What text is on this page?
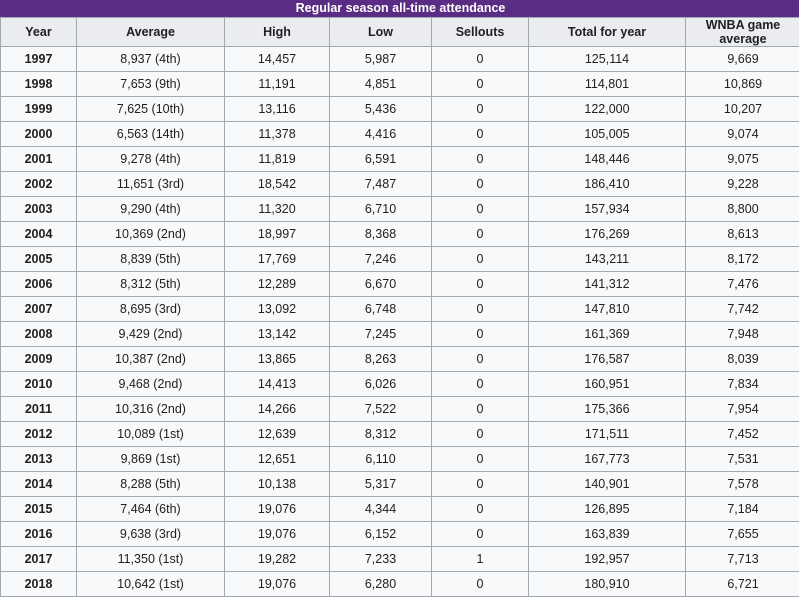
Regular season all-time attendance
Year	Average	High	Low	Sellouts	Total for year	WNBA game average
1997	8,937 (4th)	14,457	5,987	0	125,114	9,669
1998	7,653 (9th)	11,191	4,851	0	114,801	10,869
1999	7,625 (10th)	13,116	5,436	0	122,000	10,207
2000	6,563 (14th)	11,378	4,416	0	105,005	9,074
2001	9,278 (4th)	11,819	6,591	0	148,446	9,075
2002	11,651 (3rd)	18,542	7,487	0	186,410	9,228
2003	9,290 (4th)	11,320	6,710	0	157,934	8,800
2004	10,369 (2nd)	18,997	8,368	0	176,269	8,613
2005	8,839 (5th)	17,769	7,246	0	143,211	8,172
2006	8,312 (5th)	12,289	6,670	0	141,312	7,476
2007	8,695 (3rd)	13,092	6,748	0	147,810	7,742
2008	9,429 (2nd)	13,142	7,245	0	161,369	7,948
2009	10,387 (2nd)	13,865	8,263	0	176,587	8,039
2010	9,468 (2nd)	14,413	6,026	0	160,951	7,834
2011	10,316 (2nd)	14,266	7,522	0	175,366	7,954
2012	10,089 (1st)	12,639	8,312	0	171,511	7,452
2013	9,869 (1st)	12,651	6,110	0	167,773	7,531
2014	8,288 (5th)	10,138	5,317	0	140,901	7,578
2015	7,464 (6th)	19,076	4,344	0	126,895	7,184
2016	9,638 (3rd)	19,076	6,152	0	163,839	7,655
2017	11,350 (1st)	19,282	7,233	1	192,957	7,713
2018	10,642 (1st)	19,076	6,280	0	180,910	6,721
